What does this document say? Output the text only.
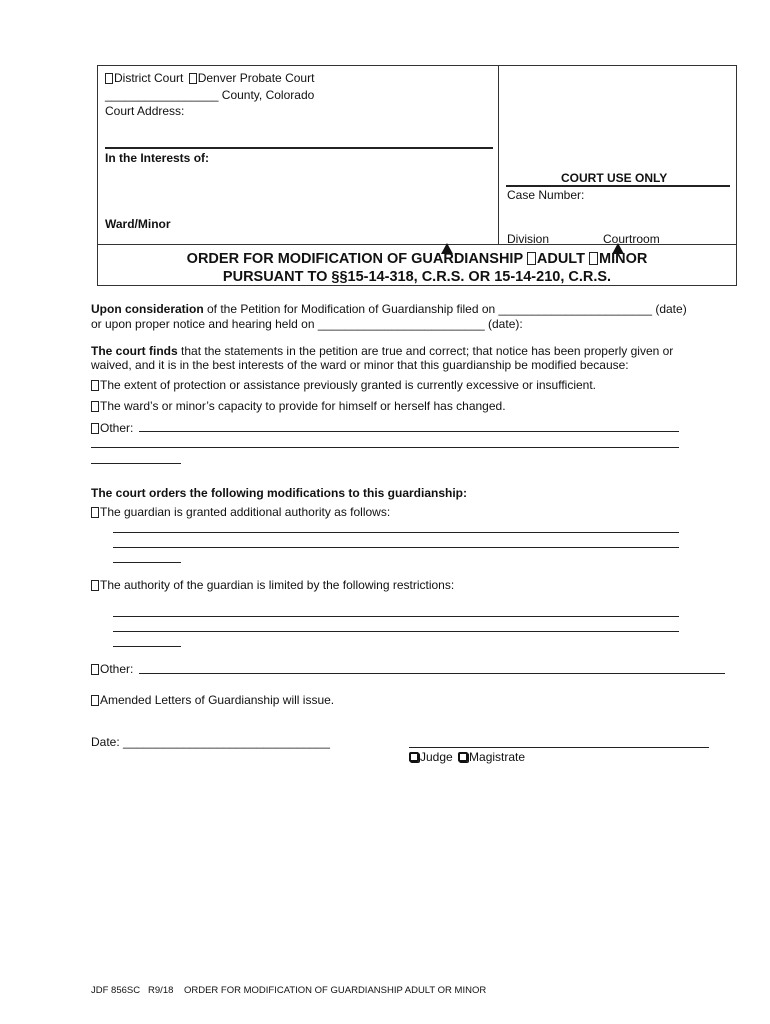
District Court Denver Probate Court
_________________ County, Colorado
Court Address:
In the Interests of:
Ward/Minor
COURT USE ONLY
Case Number:
Division	Courtroom
ORDER FOR MODIFICATION OF GUARDIANSHIP ADULT MINOR
PURSUANT TO §§15-14-318, C.R.S. OR 15-14-210, C.R.S.
Upon consideration of the Petition for Modification of Guardianship filed on _______________________ (date)
or upon proper notice and hearing held on _________________________ (date):
The court finds that the statements in the petition are true and correct; that notice has been properly given or
waived, and it is in the best interests of the ward or minor that this guardianship be modified because:
The extent of protection or assistance previously granted is currently excessive or insufficient.
The ward’s or minor’s capacity to provide for himself or herself has changed.
Other:
The court orders the following modifications to this guardianship:
The guardian is granted additional authority as follows:
The authority of the guardian is limited by the following restrictions:
Other:
Amended Letters of Guardianship will issue.
Date: _______________________________
Judge Magistrate
JDF 856SC R9/18 ORDER FOR MODIFICATION OF GUARDIANSHIP ADULT OR MINOR
